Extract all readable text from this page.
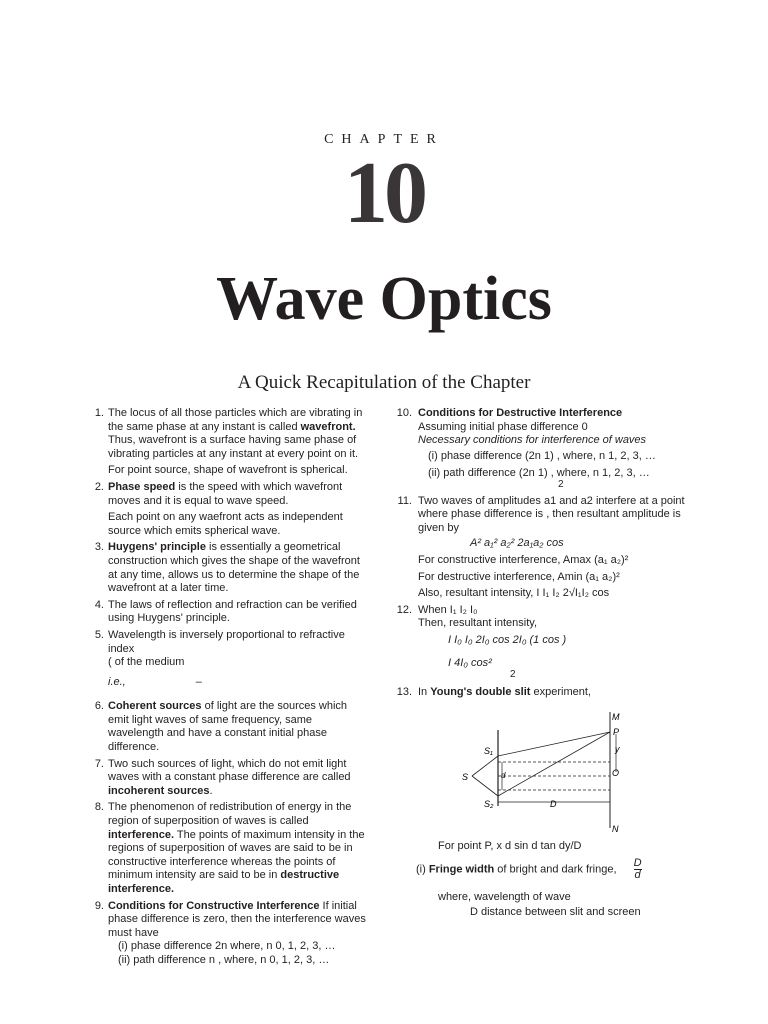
CHAPTER
10
Wave Optics
A Quick Recapitulation of the Chapter
1. The locus of all those particles which are vibrating in the same phase at any instant is called wavefront. Thus, wavefront is a surface having same phase of vibrating particles at any instant at every point on it.

For point source, shape of wavefront is spherical.

2. Phase speed is the speed with which wavefront moves and it is equal to wave speed.

Each point on any waefront acts as independent source which emits spherical wave.

3. Huygens' principle is essentially a geometrical construction which gives the shape of the wavefront at any time, allows us to determine the shape of the wavefront at a later time.

4. The laws of reflection and refraction can be verified using Huygens' principle.

5. Wavelength is inversely proportional to refractive index

( of the medium

i.e.,	–

6. Coherent sources of light are the sources which emit light waves of same frequency, same wavelength and have a constant initial phase difference.

7. Two such sources of light, which do not emit light waves with a constant phase difference are called incoherent sources.

8. The phenomenon of redistribution of energy in the region of superposition of waves is called interference. The points of maximum intensity in the regions of superposition of waves are said to be in constructive interference whereas the points of minimum intensity are said to be in destructive interference.

9. Conditions for Constructive Interference If initial phase difference is zero, then the interference waves must have

(i) phase difference 2n where, n 0, 1, 2, 3, …

(ii) path difference n , where, n 0, 1, 2, 3, …

10. Conditions for Destructive Interference

Assuming initial phase difference 0

Necessary conditions for interference of waves

(i) phase difference (2n 1) , where, n 1, 2, 3, …

(ii) path difference (2n 1) , where, n 1, 2, 3, …

2

11. Two waves of amplitudes a1 and a2 interfere at a point where phase difference is , then resultant amplitude is given by

A² a₁² a₂² 2a₁a₂ cos

For constructive interference, Amax (a₁ a₂)²

For destructive interference, Amin (a₁ a₂)²

Also, resultant intensity, I I₁ I₂ 2√I₁I₂ cos

12. When I₁ I₂ I₀

Then, resultant intensity,

I I₀ I₀ 2I₀ cos 2I₀ (1 cos )

I 4I₀ cos²

2

13. In Young's double slit experiment,

M
P
y
S₁
S	d	O
S₂	D
N

For point P, x d sin d tan dy/D

(i) Fringe width of bright and dark fringe, $\frac{D}{d}$

where, wavelength of wave

D distance between slit and screen
